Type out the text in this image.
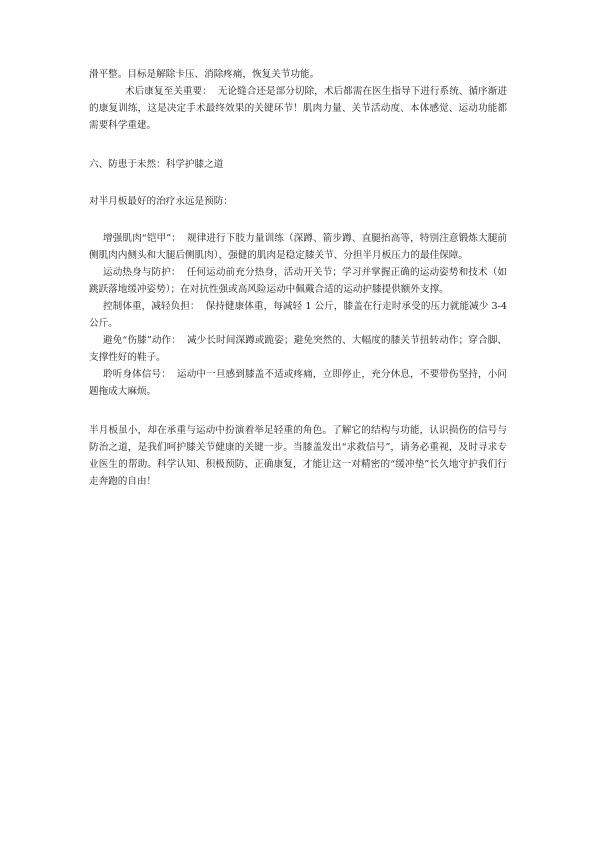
滑平整。目标是解除卡压、消除疼痛，恢复关节功能。

术后康复至关重要： 无论缝合还是部分切除，术后都需在医生指导下进行系统、循序渐进的康复训练，这是决定手术最终效果的关键环节！肌肉力量、关节活动度、本体感觉、运动功能都需要科学重建。

六、防患于未然：科学护膝之道

对半月板最好的治疗永远是预防：

增强肌肉“铠甲”： 规律进行下肢力量训练（深蹲、箭步蹲、直腿抬高等，特别注意锻炼大腿前侧肌肉内侧头和大腿后侧肌肉），强健的肌肉是稳定膝关节、分担半月板压力的最佳保障。

运动热身与防护： 任何运动前充分热身，活动开关节；学习并掌握正确的运动姿势和技术（如跳跃落地缓冲姿势）；在对抗性强或高风险运动中佩戴合适的运动护膝提供额外支撑。

控制体重，减轻负担： 保持健康体重，每减轻 1 公斤，膝盖在行走时承受的压力就能减少 3-4 公斤。

避免“伤膝”动作： 减少长时间深蹲或跪姿；避免突然的、大幅度的膝关节扭转动作；穿合脚、支撑性好的鞋子。

聆听身体信号： 运动中一旦感到膝盖不适或疼痛，立即停止，充分休息，不要带伤坚持，小问题拖成大麻烦。

半月板虽小，却在承重与运动中扮演着举足轻重的角色。了解它的结构与功能，认识损伤的信号与防治之道，是我们呵护膝关节健康的关键一步。当膝盖发出“求救信号”，请务必重视，及时寻求专业医生的帮助。科学认知、积极预防、正确康复，才能让这一对精密的“缓冲垫”长久地守护我们行走奔跑的自由！
